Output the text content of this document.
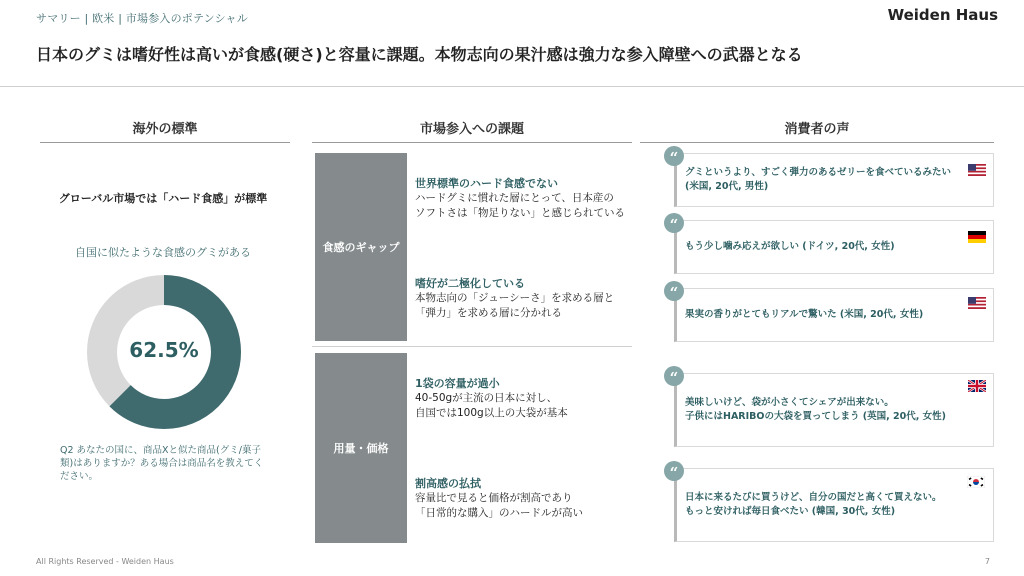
サマリー | 欧米 | 市場参入のポテンシャル	Weiden Haus
日本のグミは嗜好性は高いが食感(硬さ)と容量に課題。本物志向の果汁感は強力な参入障壁への武器となる
海外の標準	市場参入への課題	消費者の声
グローバル市場では「ハード食感」が標準
自国に似たような食感のグミがある
62.5%
Q2 あなたの国に、商品Xと似た商品(グミ/菓子類)はありますか？ある場合は商品名を教えてください。
食感のギャップ
世界標準のハード食感でない
ハードグミに慣れた層にとって、日本産の
ソフトさは「物足りない」と感じられている
嗜好が二極化している
本物志向の「ジューシーさ」を求める層と
「弾力」を求める層に分かれる
用量・価格
1袋の容量が過小
40-50gが主流の日本に対し、
自国では100g以上の大袋が基本
割高感の払拭
容量比で見ると価格が割高であり
「日常的な購入」のハードルが高い
グミというより、すごく弾力のあるゼリーを食べているみたい
(米国, 20代, 男性)
“
もう少し噛み応えが欲しい (ドイツ, 20代, 女性)
“
果実の香りがとてもリアルで驚いた (米国, 20代, 女性)
“
美味しいけど、袋が小さくてシェアが出来ない。
子供にはHARIBOの大袋を買ってしまう (英国, 20代, 女性)
“
日本に来るたびに買うけど、自分の国だと高くて買えない。
もっと安ければ毎日食べたい (韓国, 30代, 女性)
“
All Rights Reserved - Weiden Haus	7
